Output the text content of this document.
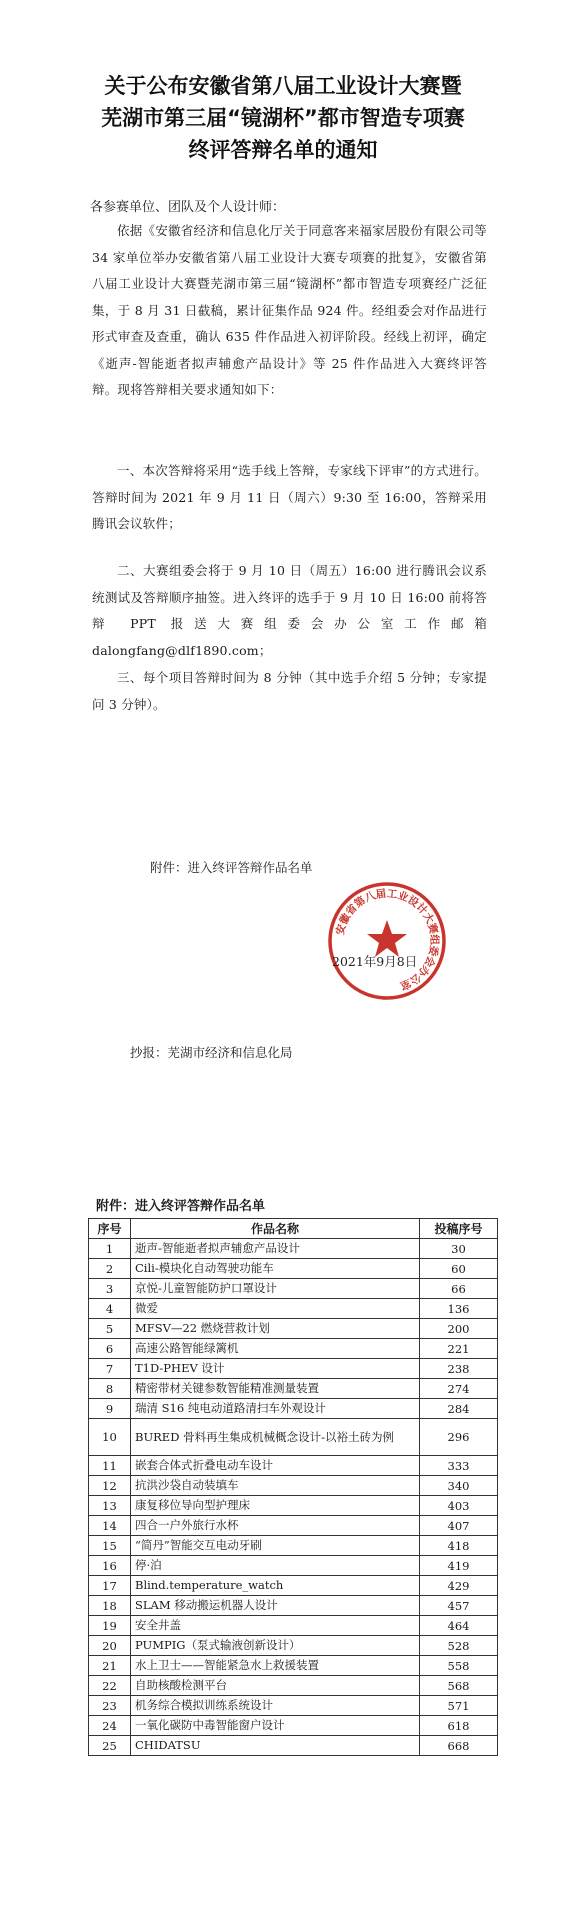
关于公布安徽省第八届工业设计大赛暨
芜湖市第三届“镜湖杯”都市智造专项赛
终评答辩名单的通知
各参赛单位、团队及个人设计师：

依据《安徽省经济和信息化厅关于同意客来福家居股份有限公司等 34 家单位举办安徽省第八届工业设计大赛专项赛的批复》，安徽省第八届工业设计大赛暨芜湖市第三届“镜湖杯”都市智造专项赛经广泛征集，于 8 月 31 日截稿，累计征集作品 924 件。经组委会对作品进行形式审查及查重，确认 635 件作品进入初评阶段。经线上初评，确定《逝声-智能逝者拟声辅愈产品设计》等 25 件作品进入大赛终评答辩。现将答辩相关要求通知如下：

一、本次答辩将采用“选手线上答辩，专家线下评审”的方式进行。答辩时间为 2021 年 9 月 11 日（周六）9:30 至 16:00，答辩采用腾讯会议软件；

二、大赛组委会将于 9 月 10 日（周五）16:00 进行腾讯会议系统测试及答辩顺序抽签。进入终评的选手于 9 月 10 日 16:00 前将答辩 PPT 报送大赛组委会办公室工作邮箱 dalongfang@dlf1890.com；

三、每个项目答辩时间为 8 分钟（其中选手介绍 5 分钟；专家提问 3 分钟）。

附件：进入终评答辩作品名单
安徽省第八届工业设计大赛组委会办公室
2021年9月8日
抄报：芜湖市经济和信息化局
附件：进入终评答辩作品名单
序号	作品名称	投稿序号
1	逝声-智能逝者拟声辅愈产品设计	30
2	Cili-模块化自动驾驶功能车	60
3	京悦-儿童智能防护口罩设计	66
4	微爱	136
5	MFSV—22 燃烧营救计划	200
6	高速公路智能绿篱机	221
7	T1D-PHEV 设计	238
8	精密带材关键参数智能精准测量装置	274
9	瑞清 S16 纯电动道路清扫车外观设计	284
10	BURED 骨料再生集成机械概念设计-以裕土砖为例	296
11	嵌套合体式折叠电动车设计	333
12	抗洪沙袋自动装填车	340
13	康复移位导向型护理床	403
14	四合一户外旅行水杯	407
15	“简丹”智能交互电动牙刷	418
16	停·泊	419
17	Blind.temperature_watch	429
18	SLAM 移动搬运机器人设计	457
19	安全井盖	464
20	PUMPIG（泵式输液创新设计）	528
21	水上卫士——智能紧急水上救援装置	558
22	自助核酸检测平台	568
23	机务综合模拟训练系统设计	571
24	一氧化碳防中毒智能窗户设计	618
25	CHIDATSU	668
